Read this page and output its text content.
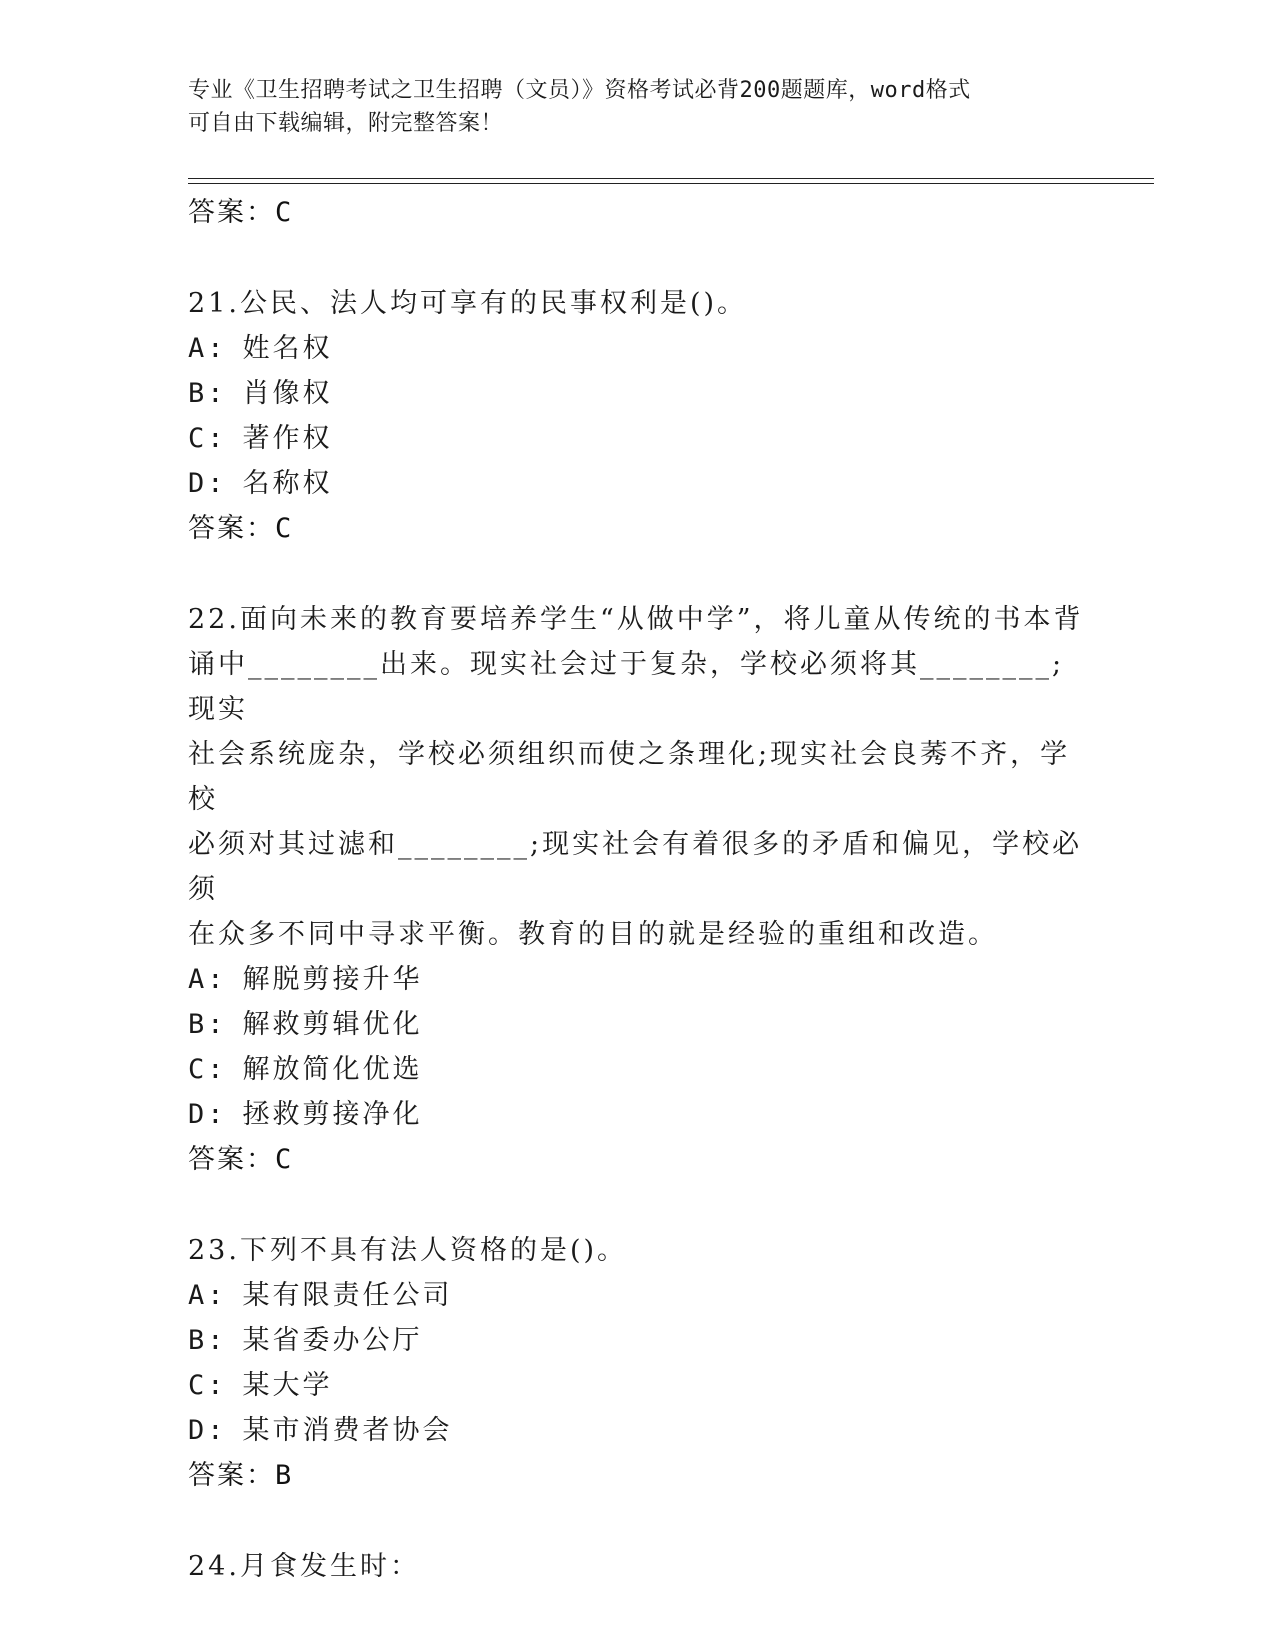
专业《卫生招聘考试之卫生招聘（文员）》资格考试必背200题题库，word格式
可自由下载编辑，附完整答案！
答案：C
21.公民、法人均可享有的民事权利是()。
A: 姓名权
B: 肖像权
C: 著作权
D: 名称权
答案：C
22.面向未来的教育要培养学生“从做中学”，将儿童从传统的书本背
诵中________出来。现实社会过于复杂，学校必须将其________;现实
社会系统庞杂，学校必须组织而使之条理化;现实社会良莠不齐，学校
必须对其过滤和________;现实社会有着很多的矛盾和偏见，学校必须
在众多不同中寻求平衡。教育的目的就是经验的重组和改造。
A: 解脱剪接升华
B: 解救剪辑优化
C: 解放简化优选
D: 拯救剪接净化
答案：C
23.下列不具有法人资格的是()。
A: 某有限责任公司
B: 某省委办公厅
C: 某大学
D: 某市消费者协会
答案：B
24.月食发生时：
